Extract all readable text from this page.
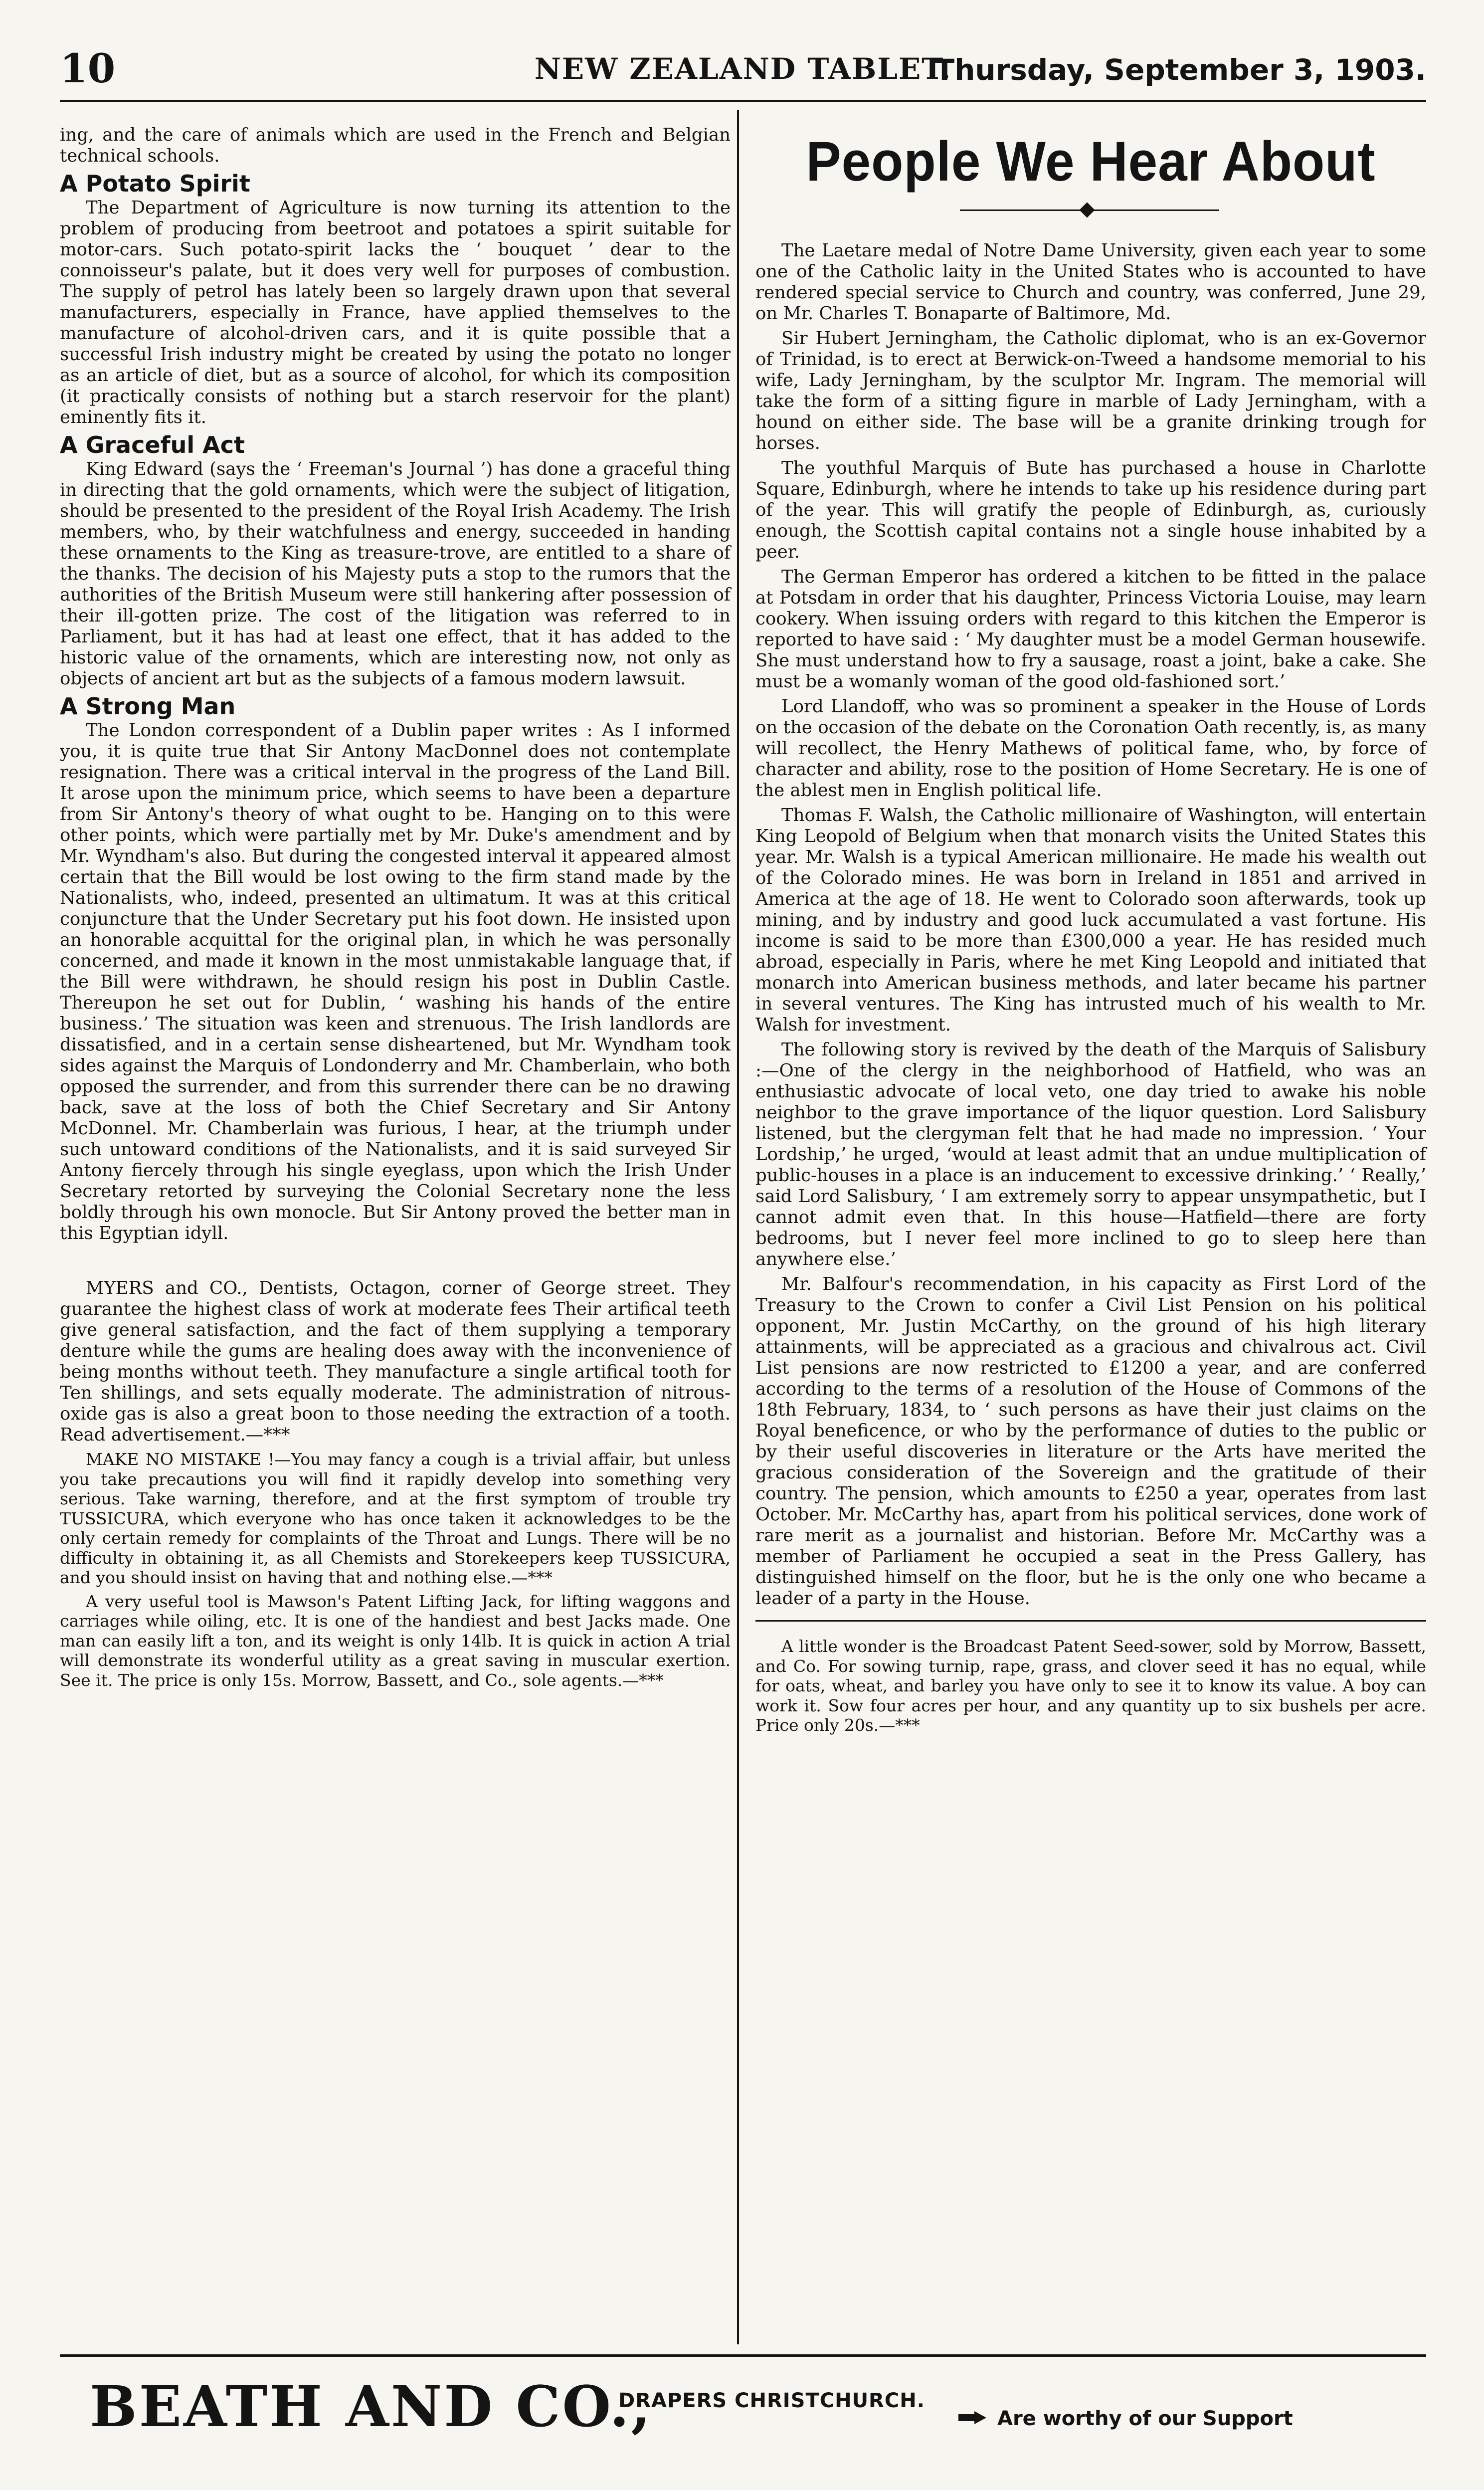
10	NEW ZEALAND TABLET.
Thursday, September 3, 1903.

ing, and the care of animals which are used in the French and Belgian technical schools.

A Potato Spirit

The Department of Agriculture is now turning its attention to the problem of producing from beetroot and potatoes a spirit suitable for motor-cars. Such potato-spirit lacks the ‘ bouquet ’ dear to the connoisseur's palate, but it does very well for purposes of combustion. The supply of petrol has lately been so largely drawn upon that several manufacturers, especially in France, have applied themselves to the manufacture of alcohol-driven cars, and it is quite possible that a successful Irish industry might be created by using the potato no longer as an article of diet, but as a source of alcohol, for which its composition (it practically consists of nothing but a starch reservoir for the plant) eminently fits it.

A Graceful Act

King Edward (says the ‘ Freeman's Journal ’) has done a graceful thing in directing that the gold ornaments, which were the subject of litigation, should be presented to the president of the Royal Irish Academy. The Irish members, who, by their watchfulness and energy, succeeded in handing these ornaments to the King as treasure-trove, are entitled to a share of the thanks. The decision of his Majesty puts a stop to the rumors that the authorities of the British Museum were still hankering after possession of their ill-gotten prize. The cost of the litigation was referred to in Parliament, but it has had at least one effect, that it has added to the historic value of the ornaments, which are interesting now, not only as objects of ancient art but as the subjects of a famous modern lawsuit.

A Strong Man

The London correspondent of a Dublin paper writes : As I informed you, it is quite true that Sir Antony MacDonnel does not contemplate resignation. There was a critical interval in the progress of the Land Bill. It arose upon the minimum price, which seems to have been a departure from Sir Antony's theory of what ought to be. Hanging on to this were other points, which were partially met by Mr. Duke's amendment and by Mr. Wyndham's also. But during the congested interval it appeared almost certain that the Bill would be lost owing to the firm stand made by the Nationalists, who, indeed, presented an ultimatum. It was at this critical conjuncture that the Under Secretary put his foot down. He insisted upon an honorable acquittal for the original plan, in which he was personally concerned, and made it known in the most unmistakable language that, if the Bill were withdrawn, he should resign his post in Dublin Castle. Thereupon he set out for Dublin, ‘ washing his hands of the entire business.’ The situation was keen and strenuous. The Irish landlords are dissatisfied, and in a certain sense disheartened, but Mr. Wyndham took sides against the Marquis of Londonderry and Mr. Chamberlain, who both opposed the surrender, and from this surrender there can be no drawing back, save at the loss of both the Chief Secretary and Sir Antony McDonnel. Mr. Chamberlain was furious, I hear, at the triumph under such untoward conditions of the Nationalists, and it is said surveyed Sir Antony fiercely through his single eyeglass, upon which the Irish Under Secretary retorted by surveying the Colonial Secretary none the less boldly through his own monocle. But Sir Antony proved the better man in this Egyptian idyll.

MYERS and CO., Dentists, Octagon, corner of George street. They guarantee the highest class of work at moderate fees Their artifical teeth give general satisfaction, and the fact of them supplying a temporary denture while the gums are healing does away with the inconvenience of being months without teeth. They manufacture a single artifical tooth for Ten shillings, and sets equally moderate. The administration of nitrous-oxide gas is also a great boon to those needing the extraction of a tooth. Read advertisement.—***

MAKE NO MISTAKE !—You may fancy a cough is a trivial affair, but unless you take precautions you will find it rapidly develop into something very serious. Take warning, therefore, and at the first symptom of trouble try TUSSICURA, which everyone who has once taken it acknowledges to be the only certain remedy for complaints of the Throat and Lungs. There will be no difficulty in obtaining it, as all Chemists and Storekeepers keep TUSSICURA, and you should insist on having that and nothing else.—***

A very useful tool is Mawson's Patent Lifting Jack, for lifting waggons and carriages while oiling, etc. It is one of the handiest and best Jacks made. One man can easily lift a ton, and its weight is only 14lb. It is quick in action A trial will demonstrate its wonderful utility as a great saving in muscular exertion. See it. The price is only 15s. Morrow, Bassett, and Co., sole agents.—***

People We Hear About

The Laetare medal of Notre Dame University, given each year to some one of the Catholic laity in the United States who is accounted to have rendered special service to Church and country, was conferred, June 29, on Mr. Charles T. Bonaparte of Baltimore, Md.

Sir Hubert Jerningham, the Catholic diplomat, who is an ex-Governor of Trinidad, is to erect at Berwick-on-Tweed a handsome memorial to his wife, Lady Jerningham, by the sculptor Mr. Ingram. The memorial will take the form of a sitting figure in marble of Lady Jerningham, with a hound on either side. The base will be a granite drinking trough for horses.

The youthful Marquis of Bute has purchased a house in Charlotte Square, Edinburgh, where he intends to take up his residence during part of the year. This will gratify the people of Edinburgh, as, curiously enough, the Scottish capital contains not a single house inhabited by a peer.

The German Emperor has ordered a kitchen to be fitted in the palace at Potsdam in order that his daughter, Princess Victoria Louise, may learn cookery. When issuing orders with regard to this kitchen the Emperor is reported to have said : ‘ My daughter must be a model German housewife. She must understand how to fry a sausage, roast a joint, bake a cake. She must be a womanly woman of the good old-fashioned sort.’

Lord Llandoff, who was so prominent a speaker in the House of Lords on the occasion of the debate on the Coronation Oath recently, is, as many will recollect, the Henry Mathews of political fame, who, by force of character and ability, rose to the position of Home Secretary. He is one of the ablest men in English political life.

Thomas F. Walsh, the Catholic millionaire of Washington, will entertain King Leopold of Belgium when that monarch visits the United States this year. Mr. Walsh is a typical American millionaire. He made his wealth out of the Colorado mines. He was born in Ireland in 1851 and arrived in America at the age of 18. He went to Colorado soon afterwards, took up mining, and by industry and good luck accumulated a vast fortune. His income is said to be more than £300,000 a year. He has resided much abroad, especially in Paris, where he met King Leopold and initiated that monarch into American business methods, and later became his partner in several ventures. The King has intrusted much of his wealth to Mr. Walsh for investment.

The following story is revived by the death of the Marquis of Salisbury :—One of the clergy in the neighborhood of Hatfield, who was an enthusiastic advocate of local veto, one day tried to awake his noble neighbor to the grave importance of the liquor question. Lord Salisbury listened, but the clergyman felt that he had made no impression. ‘ Your Lordship,’ he urged, ‘would at least admit that an undue multiplication of public-houses in a place is an inducement to excessive drinking.’ ‘ Really,’ said Lord Salisbury, ‘ I am extremely sorry to appear unsympathetic, but I cannot admit even that. In this house—Hatfield—there are forty bedrooms, but I never feel more inclined to go to sleep here than anywhere else.’

Mr. Balfour's recommendation, in his capacity as First Lord of the Treasury to the Crown to confer a Civil List Pension on his political opponent, Mr. Justin McCarthy, on the ground of his high literary attainments, will be appreciated as a gracious and chivalrous act. Civil List pensions are now restricted to £1200 a year, and are conferred according to the terms of a resolution of the House of Commons of the 18th February, 1834, to ‘ such persons as have their just claims on the Royal beneficence, or who by the performance of duties to the public or by their useful discoveries in literature or the Arts have merited the gracious consideration of the Sovereign and the gratitude of their country. The pension, which amounts to £250 a year, operates from last October. Mr. McCarthy has, apart from his political services, done work of rare merit as a journalist and historian. Before Mr. McCarthy was a member of Parliament he occupied a seat in the Press Gallery, has distinguished himself on the floor, but he is the only one who became a leader of a party in the House.

A little wonder is the Broadcast Patent Seed-sower, sold by Morrow, Bassett, and Co. For sowing turnip, rape, grass, and clover seed it has no equal, while for oats, wheat, and barley you have only to see it to know its value. A boy can work it. Sow four acres per hour, and any quantity up to six bushels per acre. Price only 20s.—***

BEATH AND CO.,
DRAPERS CHRISTCHURCH.
Are worthy of our Support
